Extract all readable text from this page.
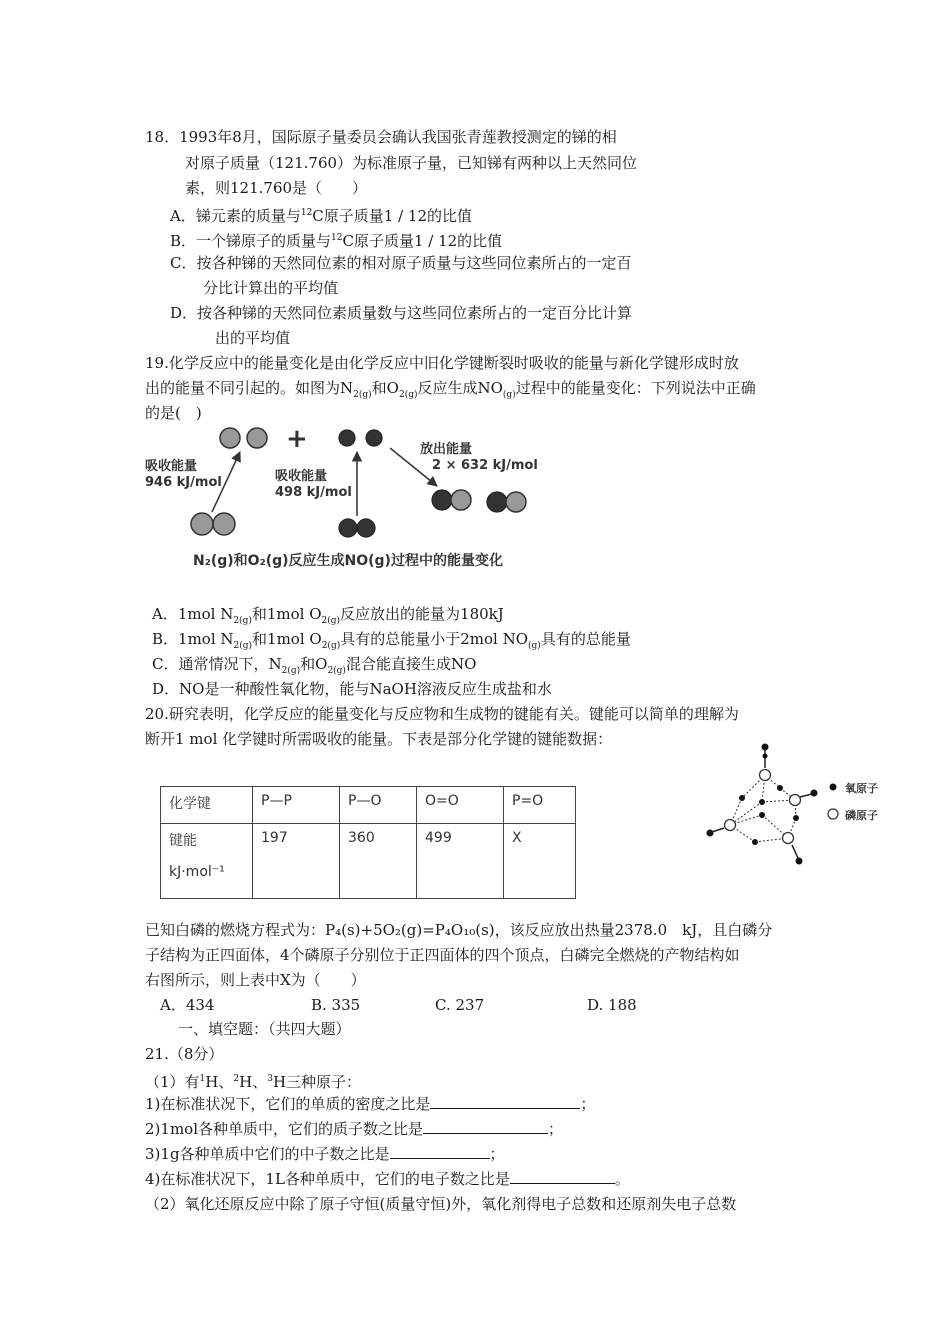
18．1993年8月，国际原子量委员会确认我国张青莲教授测定的锑的相
对原子质量（121.760）为标准原子量，已知锑有两种以上天然同位
素，则121.760是（　　）
A．锑元素的质量与$^{12}$C原子质量1 / 12的比值
B．一个锑原子的质量与$^{12}$C原子质量1 / 12的比值
C．按各种锑的天然同位素的相对原子质量与这些同位素所占的一定百
分比计算出的平均值
D．按各种锑的天然同位素质量数与这些同位素所占的一定百分比计算
出的平均值
19.化学反应中的能量变化是由化学反应中旧化学键断裂时吸收的能量与新化学键形成时放
出的能量不同引起的。如图为$N_{2(g)}$和$O_{2(g)}$反应生成$NO_{(g)}$过程中的能量变化：下列说法中正确
的是(　)
+
吸收能量
946 kJ/mol	吸收能量
498 kJ/mol
放出能量
2 × 632 kJ/mol
N₂(g)和O₂(g)反应生成NO(g)过程中的能量变化
A．1mol $N_{2(g)}$和1mol $O_{2(g)}$反应放出的能量为180kJ
B．1mol $N_{2(g)}$和1mol $O_{2(g)}$具有的总能量小于2mol $NO_{(g)}$具有的总能量
C．通常情况下，$N_{2(g)}$和$O_{2(g)}$混合能直接生成NO
D．NO是一种酸性氧化物，能与NaOH溶液反应生成盐和水
20.研究表明，化学反应的能量变化与反应物和生成物的键能有关。键能可以简单的理解为
断开1 mol 化学键时所需吸收的能量。下表是部分化学键的键能数据：
化学键	P—P	P—O	O=O	P=O

键能
kJ·mol⁻¹	197	360	499	X
氧原子
磷原子
已知白磷的燃烧方程式为：P₄(s)+5O₂(g)=P₄O₁₀(s)，该反应放出热量2378.0　kJ，且白磷分
子结构为正四面体，4个磷原子分别位于正四面体的四个顶点，白磷完全燃烧的产物结构如
右图所示，则上表中X为（　　）
A．434	B. 335	C. 237	D. 188
一、填空题：（共四大题）
21.（8分）
（1）有$^1$H、$^2$H、$^3$H三种原子：
1)在标准状况下，它们的单质的密度之比是	；
2)1mol各种单质中，它们的质子数之比是	；
3)1g各种单质中它们的中子数之比是	；
4)在标准状况下，1L各种单质中，它们的电子数之比是	。
（2）氧化还原反应中除了原子守恒(质量守恒)外，氧化剂得电子总数和还原剂失电子总数
